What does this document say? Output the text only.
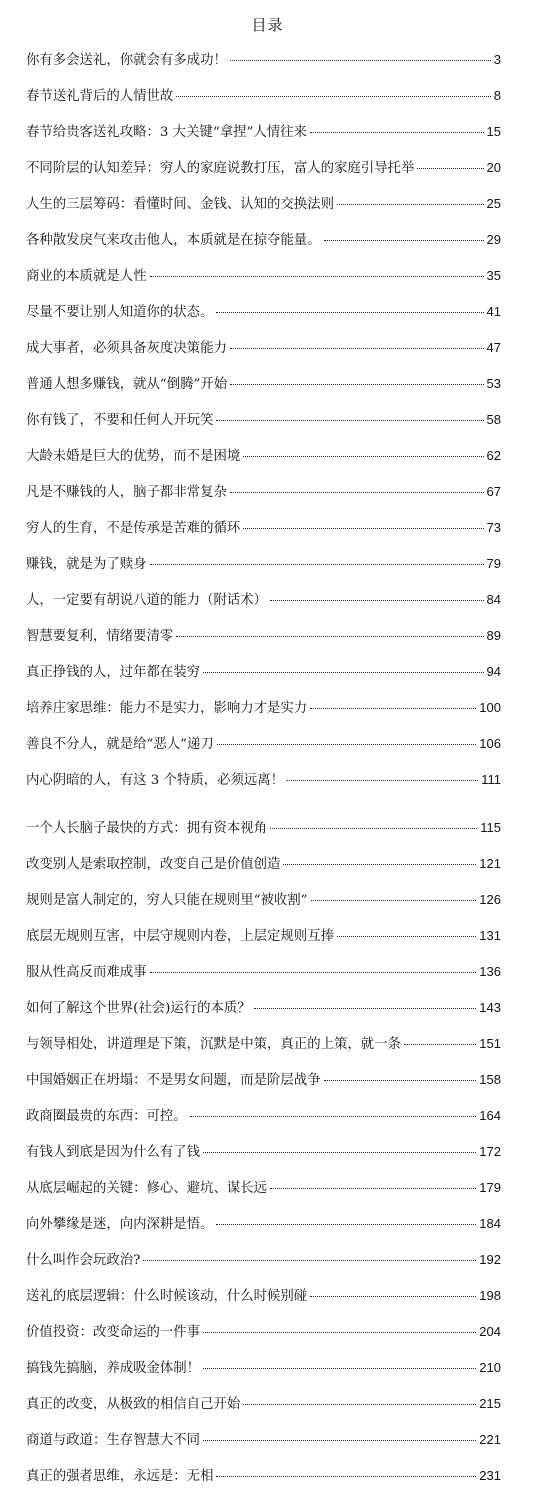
目录
你有多会送礼，你就会有多成功！	3
春节送礼背后的人情世故	8
春节给贵客送礼攻略：3 大关键“拿捏”人情往来	15
不同阶层的认知差异：穷人的家庭说教打压，富人的家庭引导托举	20
人生的三层筹码：看懂时间、金钱、认知的交换法则	25
各种散发戾气来攻击他人，本质就是在掠夺能量。	29
商业的本质就是人性	35
尽量不要让别人知道你的状态。	41
成大事者，必须具备灰度决策能力	47
普通人想多赚钱，就从“倒腾”开始	53
你有钱了，不要和任何人开玩笑	58
大龄未婚是巨大的优势，而不是困境	62
凡是不赚钱的人，脑子都非常复杂	67
穷人的生育，不是传承是苦难的循环	73
赚钱，就是为了赎身	79
人，一定要有胡说八道的能力（附话术）	84
智慧要复利，情绪要清零	89
真正挣钱的人，过年都在装穷	94
培养庄家思维：能力不是实力，影响力才是实力	100
善良不分人，就是给“恶人”递刀	106
内心阴暗的人，有这 3 个特质，必须远离！	111
一个人长脑子最快的方式：拥有资本视角	115
改变别人是索取控制，改变自己是价值创造	121
规则是富人制定的，穷人只能在规则里“被收割”	126
底层无规则互害，中层守规则内卷，上层定规则互捧	131
服从性高反而难成事	136
如何了解这个世界(社会)运行的本质？	143
与领导相处，讲道理是下策，沉默是中策，真正的上策，就一条	151
中国婚姻正在坍塌：不是男女问题，而是阶层战争	158
政商圈最贵的东西：可控。	164
有钱人到底是因为什么有了钱	172
从底层崛起的关键：修心、避坑、谋长远	179
向外攀缘是迷，向内深耕是悟。	184
什么叫作会玩政治?	192
送礼的底层逻辑：什么时候该动，什么时候别碰	198
价值投资：改变命运的一件事	204
搞钱先搞脑，养成吸金体制！	210
真正的改变，从极致的相信自己开始	215
商道与政道：生存智慧大不同	221
真正的强者思维，永远是：无相	231
